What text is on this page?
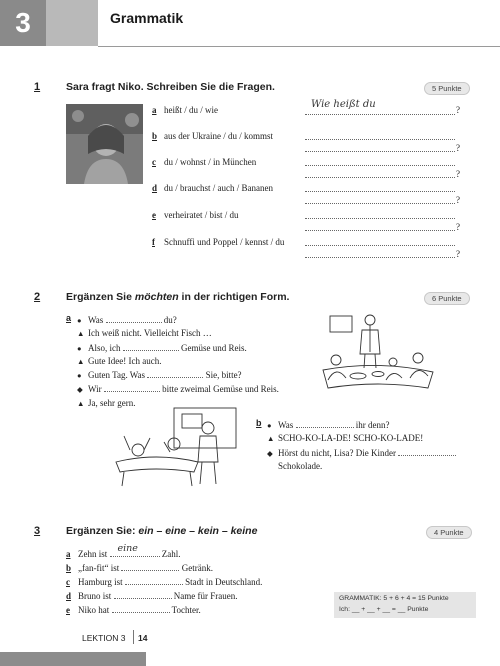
3	Grammatik
1 Sara fragt Niko. Schreiben Sie die Fragen.	5 Punkte
a heißt / du / wie	Wie heißt du	?
b aus der Ukraine / du / kommst
?
c du / wohnst / in München
?
d du / brauchst / auch / Bananen
?
e verheiratet / bist / du
?
f Schnuffi und Poppel / kennst / du
?
2 Ergänzen Sie möchten in der richtigen Form.	6 Punkte
a ● Was	du?
▲ Ich weiß nicht. Vielleicht Fisch …
● Also, ich	Gemüse und Reis.
▲ Gute Idee! Ich auch.
● Guten Tag. Was	Sie, bitte?
◆ Wir	bitte zweimal Gemüse und Reis.
▲ Ja, sehr gern.
b ● Was	ihr denn?
▲ SCHO-KO-LA-DE! SCHO-KO-LADE!
◆ Hörst du nicht, Lisa? Die Kinder
Schokolade.
3 Ergänzen Sie: ein – eine – kein – keine	4 Punkte
a Zehn ist eine	Zahl.
b „fan-fit“ ist	Getränk.
c Hamburg ist	Stadt in Deutschland.
d Bruno ist	Name für Frauen.
e Niko hat	Tochter.
GRAMMATIK: 5 + 6 + 4 = 15 Punkte
Ich: __ + __ + __ = __ Punkte
LEKTION 3 14
